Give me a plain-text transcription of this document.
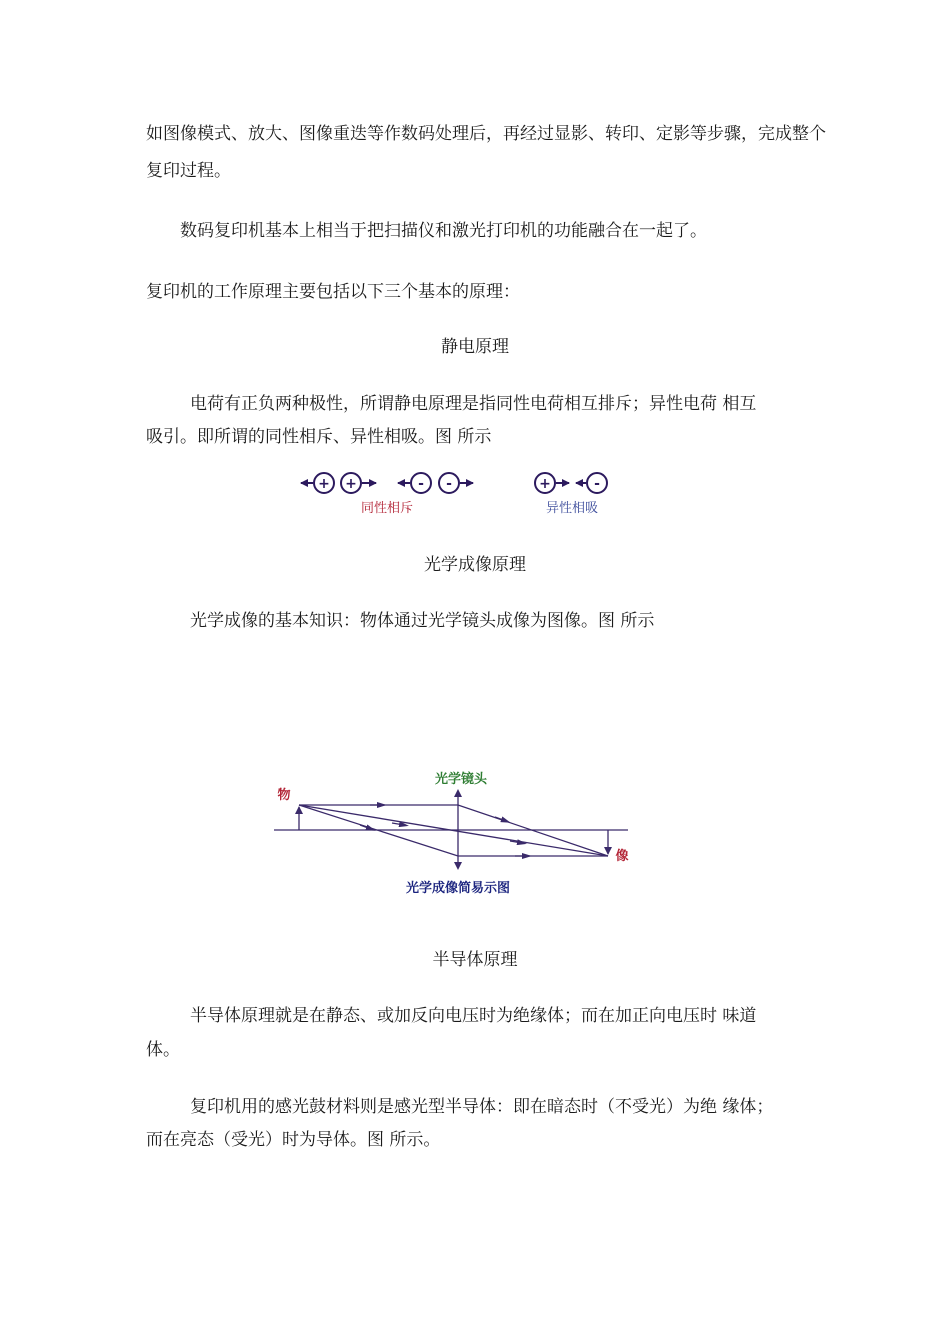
如图像模式、放大、图像重迭等作数码处理后，再经过显影、转印、定影等步骤，完成整个

复印过程。

数码复印机基本上相当于把扫描仪和激光打印机的功能融合在一起了。

复印机的工作原理主要包括以下三个基本的原理：

静电原理

电荷有正负两种极性，所谓静电原理是指同性电荷相互排斥；异性电荷 相互

吸引。即所谓的同性相斥、异性相吸。图 所示

+ +	- -	+	-
同性相斥	异性相吸

光学成像原理

光学成像的基本知识：物体通过光学镜头成像为图像。图 所示

光学镜头
物
像
光学成像简易示图

半导体原理

半导体原理就是在静态、或加反向电压时为绝缘体；而在加正向电压时 味道

体。

复印机用的感光鼓材料则是感光型半导体：即在暗态时（不受光）为绝 缘体；

而在亮态（受光）时为导体。图 所示。
